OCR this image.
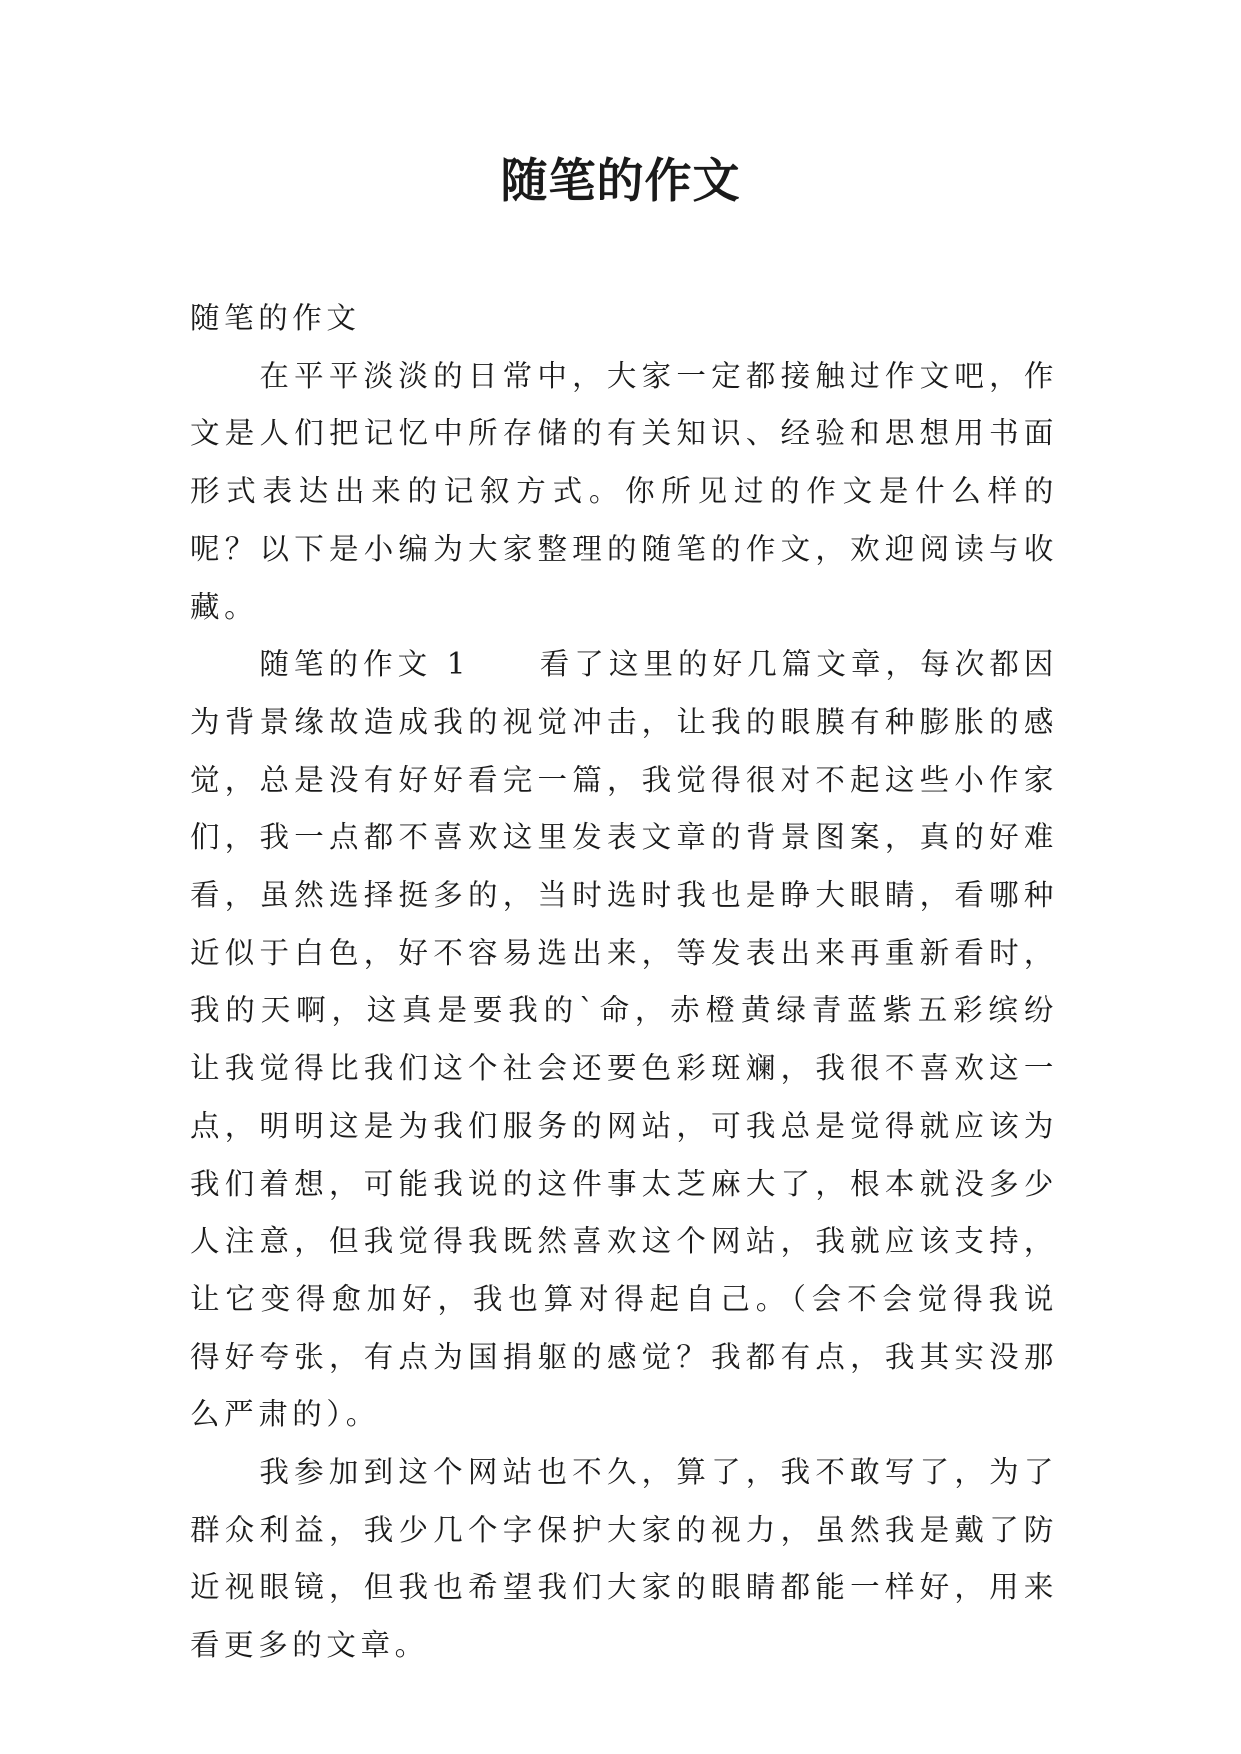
随笔的作文

随笔的作文

在平平淡淡的日常中，大家一定都接触过作文吧，作文是人们把记忆中所存储的有关知识、经验和思想用书面形式表达出来的记叙方式。你所见过的作文是什么样的呢？以下是小编为大家整理的随笔的作文，欢迎阅读与收藏。

随笔的作文 1　　看了这里的好几篇文章，每次都因为背景缘故造成我的视觉冲击，让我的眼膜有种膨胀的感觉，总是没有好好看完一篇，我觉得很对不起这些小作家们，我一点都不喜欢这里发表文章的背景图案，真的好难看，虽然选择挺多的，当时选时我也是睁大眼睛，看哪种近似于白色，好不容易选出来，等发表出来再重新看时，我的天啊，这真是要我的`命，赤橙黄绿青蓝紫五彩缤纷让我觉得比我们这个社会还要色彩斑斓，我很不喜欢这一点，明明这是为我们服务的网站，可我总是觉得就应该为我们着想，可能我说的这件事太芝麻大了，根本就没多少人注意，但我觉得我既然喜欢这个网站，我就应该支持，让它变得愈加好，我也算对得起自己。（会不会觉得我说得好夸张，有点为国捐躯的感觉？我都有点，我其实没那么严肃的）。

我参加到这个网站也不久，算了，我不敢写了，为了群众利益，我少几个字保护大家的视力，虽然我是戴了防近视眼镜，但我也希望我们大家的眼睛都能一样好，用来看更多的文章。
